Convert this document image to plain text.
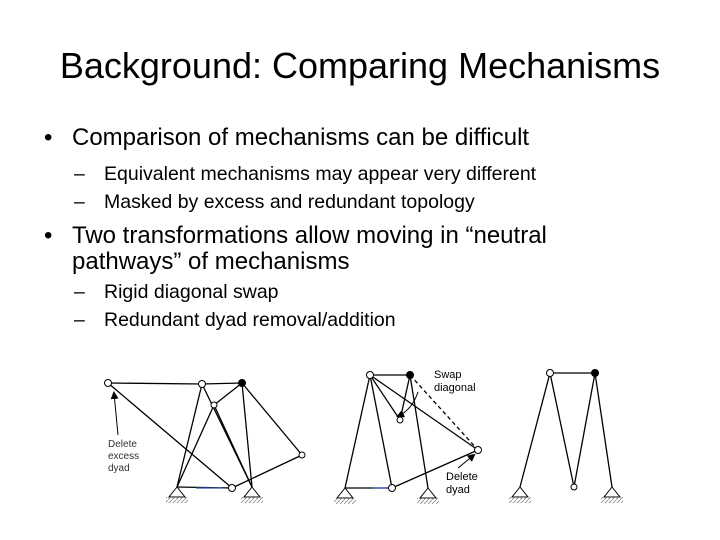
Background: Comparing Mechanisms
• Comparison of mechanisms can be difficult
– Equivalent mechanisms may appear very different
– Masked by excess and redundant topology
• Two transformations allow moving in “neutral
pathways” of mechanisms
– Rigid diagonal swap
– Redundant dyad removal/addition
Delete
excess
dyad
Swap
diagonal
Delete
dyad
